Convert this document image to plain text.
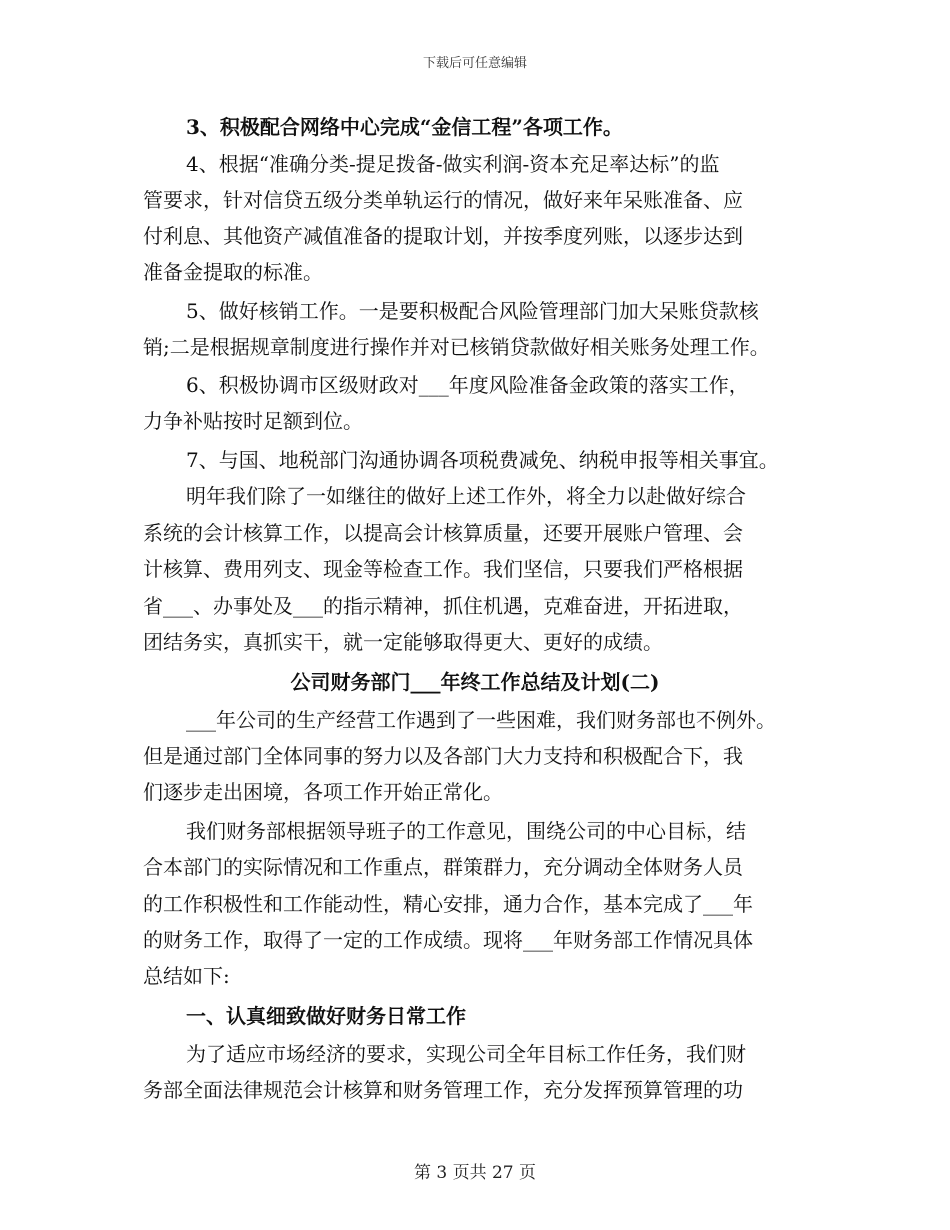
下载后可任意编辑
3、积极配合网络中心完成“金信工程”各项工作。
4、根据“准确分类-提足拨备-做实利润-资本充足率达标”的监
管要求，针对信贷五级分类单轨运行的情况，做好来年呆账准备、应
付利息、其他资产减值准备的提取计划，并按季度列账，以逐步达到
准备金提取的标准。
5、做好核销工作。一是要积极配合风险管理部门加大呆账贷款核
销;二是根据规章制度进行操作并对已核销贷款做好相关账务处理工作。
6、积极协调市区级财政对___年度风险准备金政策的落实工作，
力争补贴按时足额到位。
7、与国、地税部门沟通协调各项税费减免、纳税申报等相关事宜。
明年我们除了一如继往的做好上述工作外，将全力以赴做好综合
系统的会计核算工作，以提高会计核算质量，还要开展账户管理、会
计核算、费用列支、现金等检查工作。我们坚信，只要我们严格根据
省___、办事处及___的指示精神，抓住机遇，克难奋进，开拓进取，
团结务实，真抓实干，就一定能够取得更大、更好的成绩。
公司财务部门___年终工作总结及计划(二)
___年公司的生产经营工作遇到了一些困难，我们财务部也不例外。
但是通过部门全体同事的努力以及各部门大力支持和积极配合下，我
们逐步走出困境，各项工作开始正常化。
我们财务部根据领导班子的工作意见，围绕公司的中心目标，结
合本部门的实际情况和工作重点，群策群力，充分调动全体财务人员
的工作积极性和工作能动性，精心安排，通力合作，基本完成了___年
的财务工作，取得了一定的工作成绩。现将___年财务部工作情况具体
总结如下:
一、认真细致做好财务日常工作
为了适应市场经济的要求，实现公司全年目标工作任务，我们财
务部全面法律规范会计核算和财务管理工作，充分发挥预算管理的功
第 3 页共 27 页
